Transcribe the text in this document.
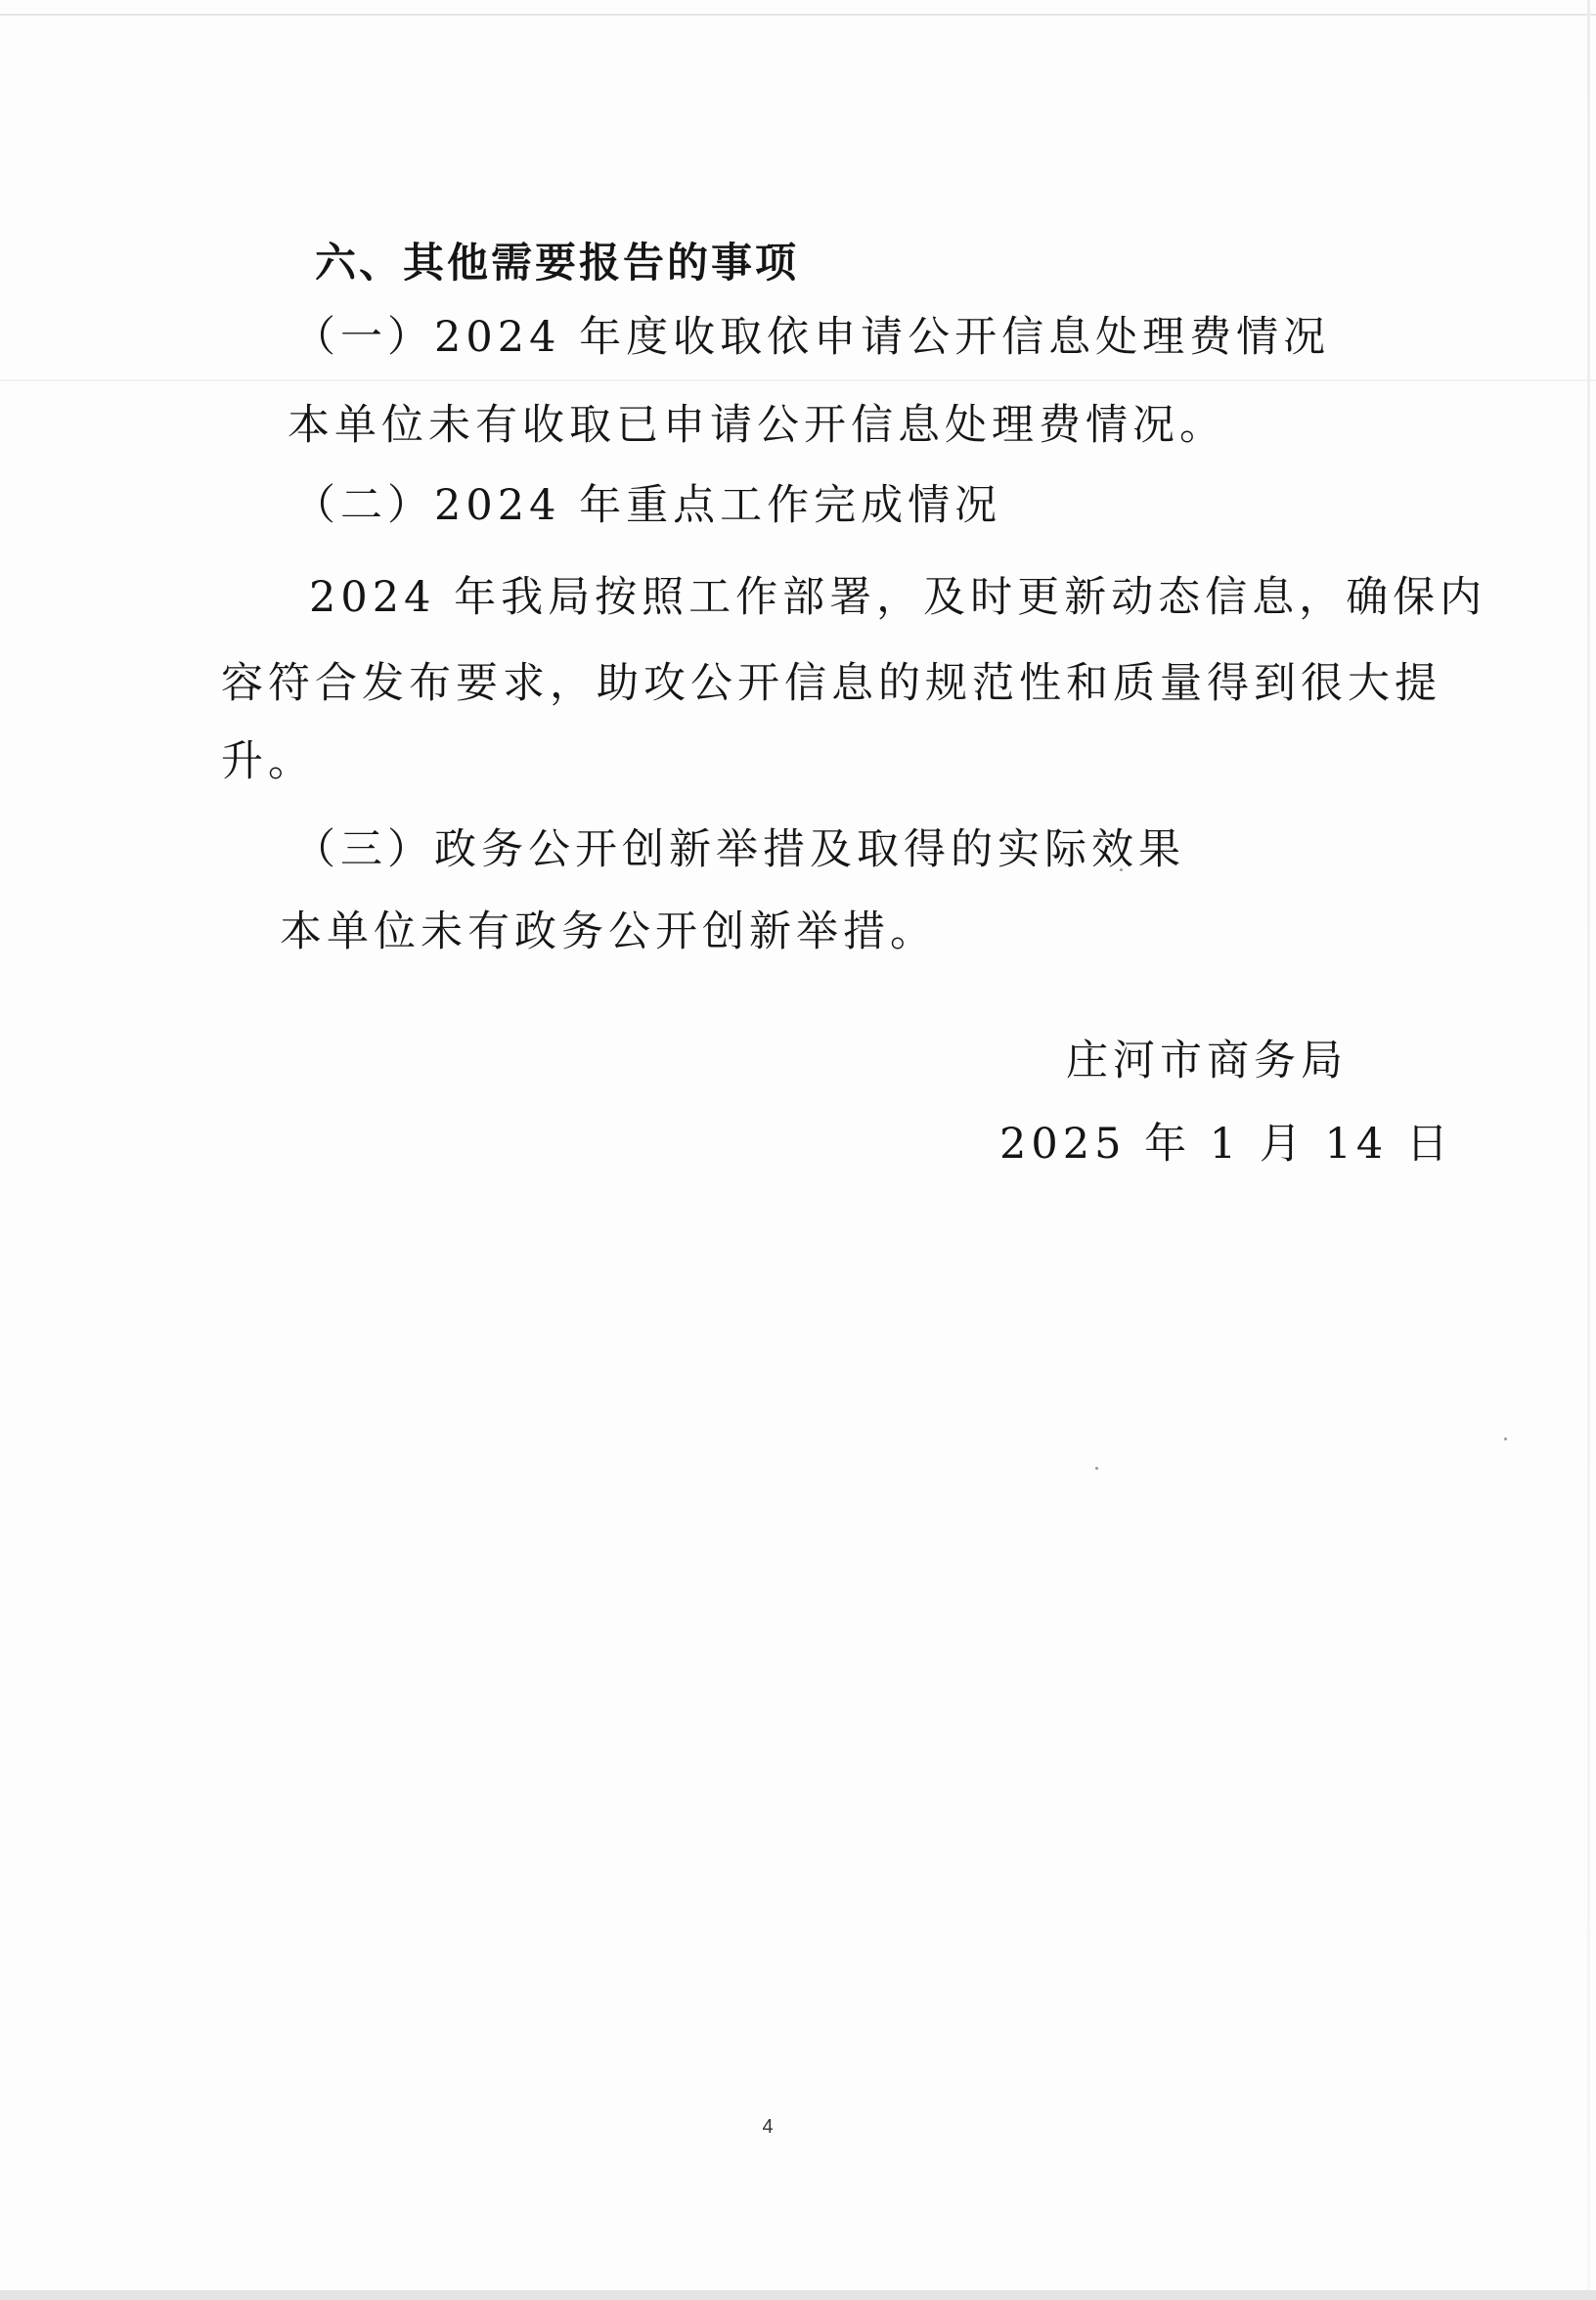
六、其他需要报告的事项
（一）2024 年度收取依申请公开信息处理费情况
本单位未有收取已申请公开信息处理费情况。
（二）2024 年重点工作完成情况
2024 年我局按照工作部署，及时更新动态信息，确保内
容符合发布要求，助攻公开信息的规范性和质量得到很大提
升。
（三）政务公开创新举措及取得的实际效果
本单位未有政务公开创新举措。
庄河市商务局
2025 年 1 月 14 日
4
